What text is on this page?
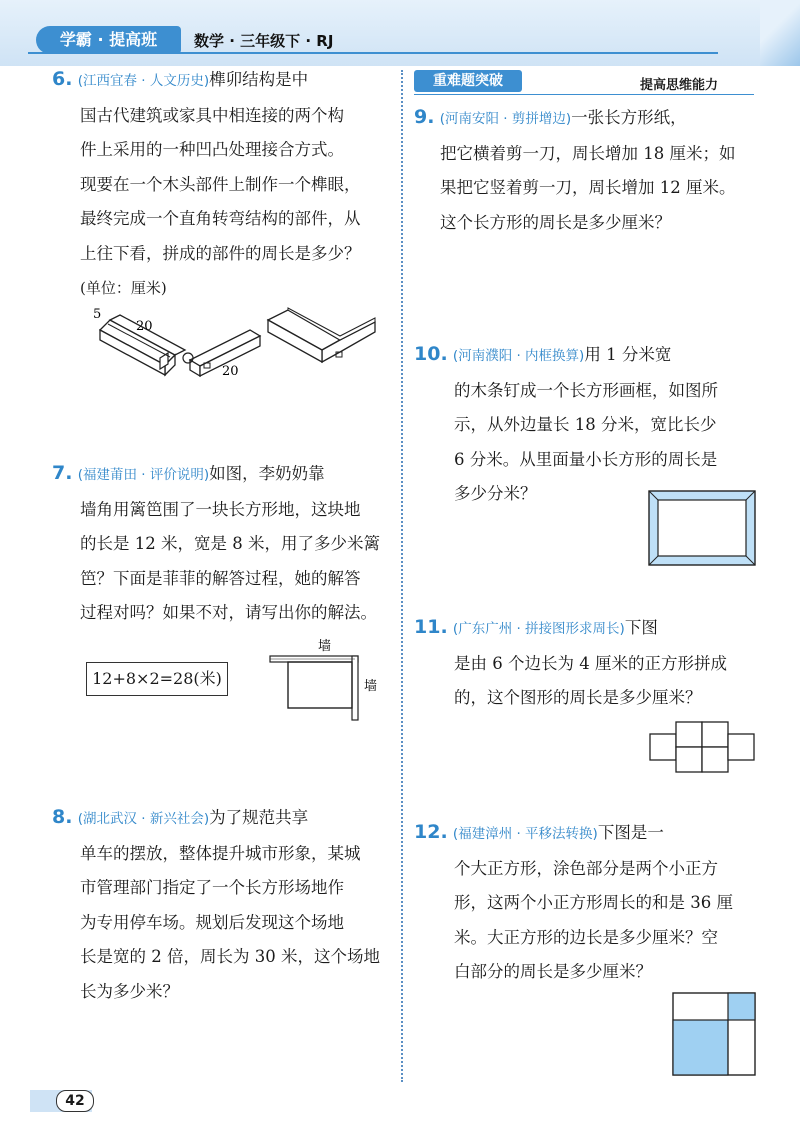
学霸 · 提高班	数学 · 三年级下 · RJ
重难题突破	提高思维能力
6. (江西宜春 · 人文历史)榫卯结构是中
国古代建筑或家具中相连接的两个构
件上采用的一种凹凸处理接合方式。
现要在一个木头部件上制作一个榫眼，
最终完成一个直角转弯结构的部件，从
上往下看，拼成的部件的周长是多少？
(单位：厘米)
5
20
20
7. (福建莆田 · 评价说明)如图，李奶奶靠
墙角用篱笆围了一块长方形地，这块地
的长是 12 米，宽是 8 米，用了多少米篱
笆？下面是菲菲的解答过程，她的解答
过程对吗？如果不对，请写出你的解法。
12+8×2=28(米)
墙
墙
8. (湖北武汉 · 新兴社会)为了规范共享
单车的摆放，整体提升城市形象，某城
市管理部门指定了一个长方形场地作
为专用停车场。规划后发现这个场地
长是宽的 2 倍，周长为 30 米，这个场地
长为多少米？
9. (河南安阳 · 剪拼增边)一张长方形纸，
把它横着剪一刀，周长增加 18 厘米；如
果把它竖着剪一刀，周长增加 12 厘米。
这个长方形的周长是多少厘米？
10. (河南濮阳 · 内框换算)用 1 分米宽
的木条钉成一个长方形画框，如图所
示，从外边量长 18 分米，宽比长少
6 分米。从里面量小长方形的周长是
多少分米？
11. (广东广州 · 拼接图形求周长)下图
是由 6 个边长为 4 厘米的正方形拼成
的，这个图形的周长是多少厘米？
12. (福建漳州 · 平移法转换)下图是一
个大正方形，涂色部分是两个小正方
形，这两个小正方形周长的和是 36 厘
米。大正方形的边长是多少厘米？空
白部分的周长是多少厘米？
42
